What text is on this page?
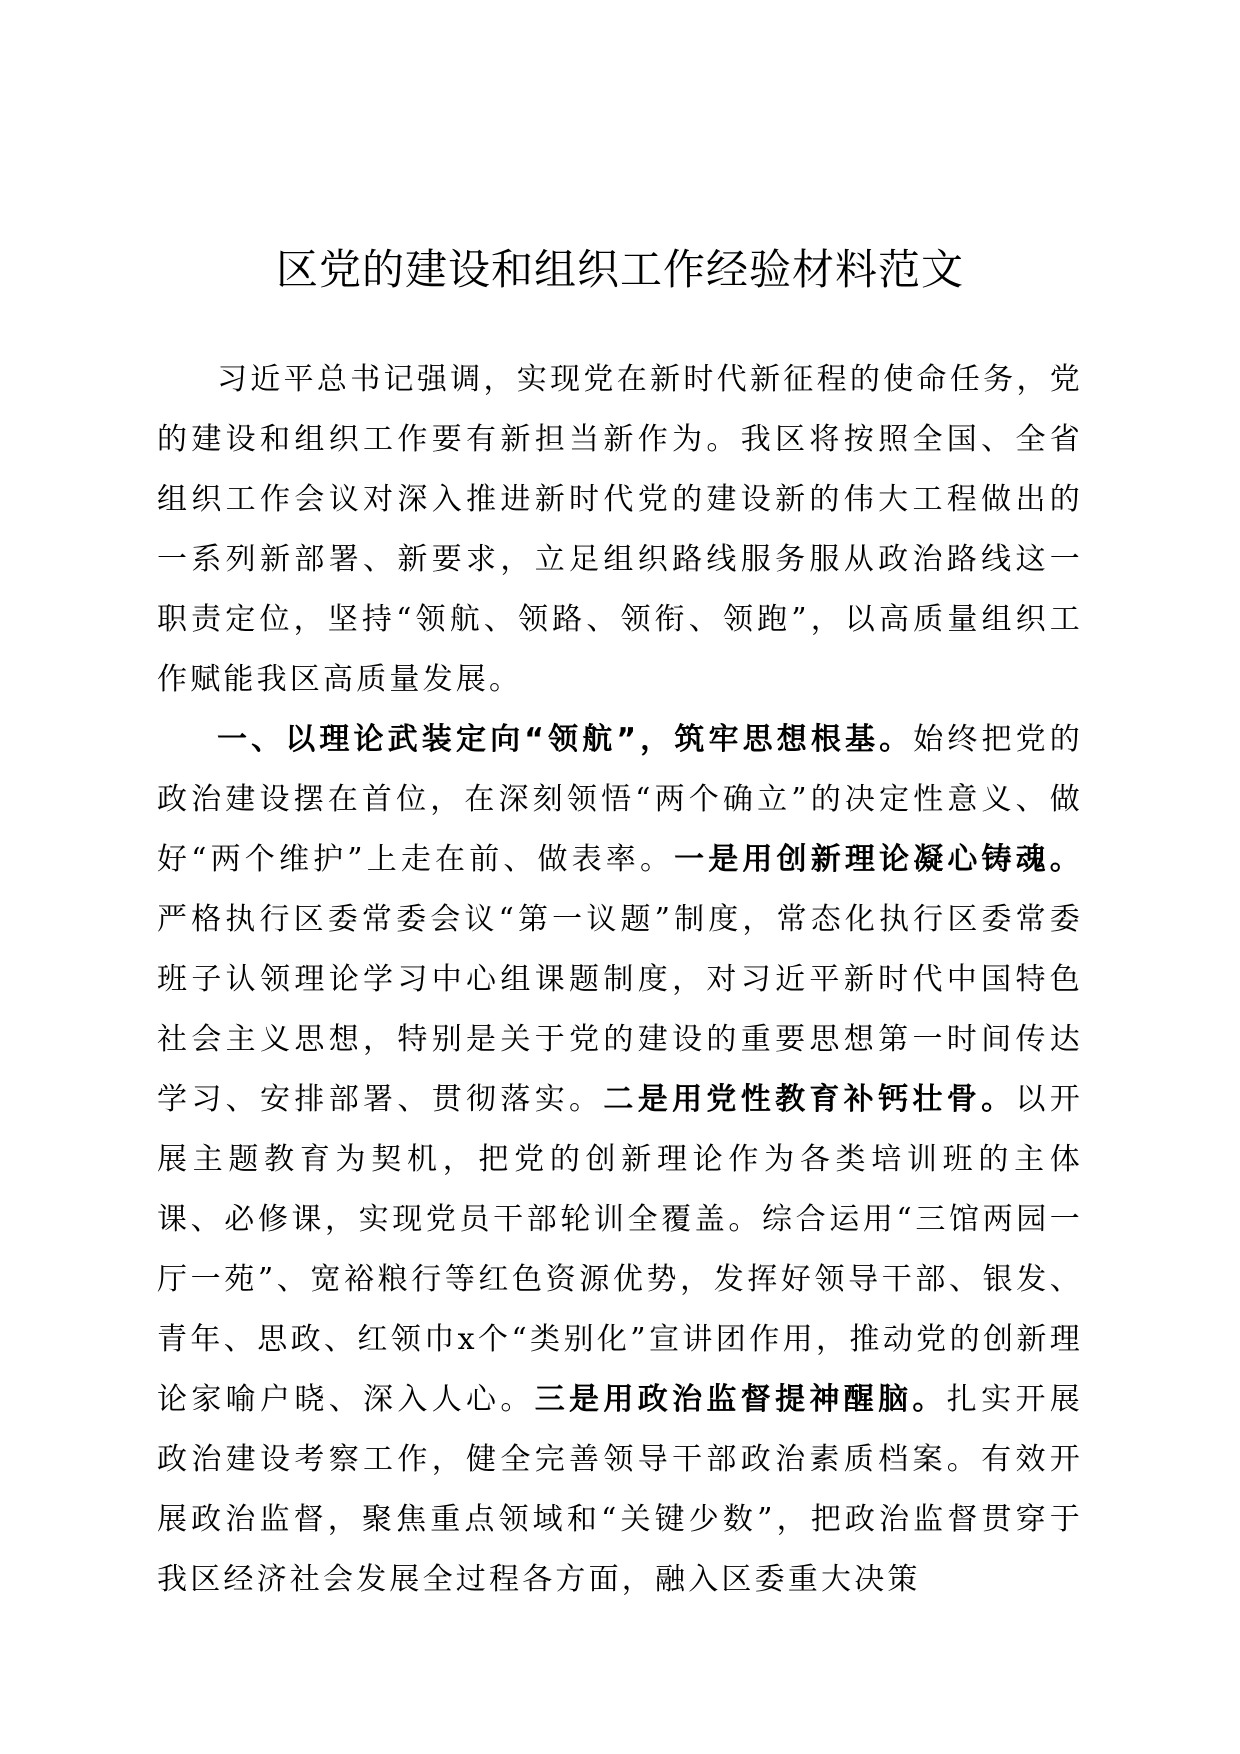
区党的建设和组织工作经验材料范文

习近平总书记强调，实现党在新时代新征程的使命任务，党的建设和组织工作要有新担当新作为。我区将按照全国、全省组织工作会议对深入推进新时代党的建设新的伟大工程做出的一系列新部署、新要求，立足组织路线服务服从政治路线这一职责定位，坚持“领航、领路、领衔、领跑”，以高质量组织工作赋能我区高质量发展。

一、以理论武装定向“领航”，筑牢思想根基。始终把党的政治建设摆在首位，在深刻领悟“两个确立”的决定性意义、做好“两个维护”上走在前、做表率。一是用创新理论凝心铸魂。严格执行区委常委会议“第一议题”制度，常态化执行区委常委班子认领理论学习中心组课题制度，对习近平新时代中国特色社会主义思想，特别是关于党的建设的重要思想第一时间传达学习、安排部署、贯彻落实。二是用党性教育补钙壮骨。以开展主题教育为契机，把党的创新理论作为各类培训班的主体课、必修课，实现党员干部轮训全覆盖。综合运用“三馆两园一厅一苑”、宽裕粮行等红色资源优势，发挥好领导干部、银发、青年、思政、红领巾x个“类别化”宣讲团作用，推动党的创新理论家喻户晓、深入人心。三是用政治监督提神醒脑。扎实开展政治建设考察工作，健全完善领导干部政治素质档案。有效开展政治监督，聚焦重点领域和“关键少数”，把政治监督贯穿于我区经济社会发展全过程各方面，融入区委重大决策
